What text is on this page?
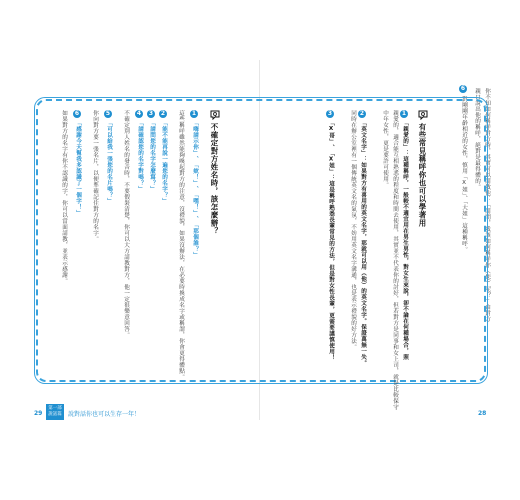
你不知如何稱呼對方時，其實可以請教他：「請問，我該如何稱呼你（您）呢？」由對方
親口說出他的稱呼，絕對是最得體的。
6
對剛剛年齡相近的女性，慎用「X姐」、「大姐」這種稱呼。
Q
有些常見稱呼你也可以學著用
1
「親愛的」：這種稱呼，一般較不適宜用在男生男性，對女生來說，卻不論在何種場合，照
親愛的，適合能互相熟悉的程度和時間去使用，其實並不代表你的討好，但若對方是同事和女上司，就是比較保守
中年女性，更是要許可使用。
2
「英文名字」：如果對方有喜用的英文名字，那就可以用（他）的英文名字。保證萬無一失。
同時在辦公室裡有一個傳統英文名的氣氛，不妨用英文名字溝通，也是表示禮貌的好方法。
3
「X哥」、「X姐」：這是稱呼熟悉長輩常見的方法，但是對女性長輩，更需要謹慎使用！
Q
不確定對方姓名時，該怎麼辦？
1
「嗨請示你」、「欸！」、「嘿！」、「那個誰？」
這些稱呼雖然能夠喚起對方的注意，沒禮貌，如果沒辦法，在必要時換成名字或稱謂，你會更得體點。
2
「能不能再說一遍您的名字？」
3
「請問您的名字怎麼寫？」
4
「請確認您的名字對嗎？」
不確定別人姓名的發音時，不要假裝清楚，你可以大方請教對方，他一定很樂意回答。
5
「可以給我一張您的名片嗎？」
你向對方要一張名片，以便準確記住對方的名字。
6
「感謝今天幫我多認識了一個字！」
如果對方的名字有你不認識的字，你可以當面請教，並表示感謝。
29
第一部 說話篇	說對話你也可以生存一年！	28
